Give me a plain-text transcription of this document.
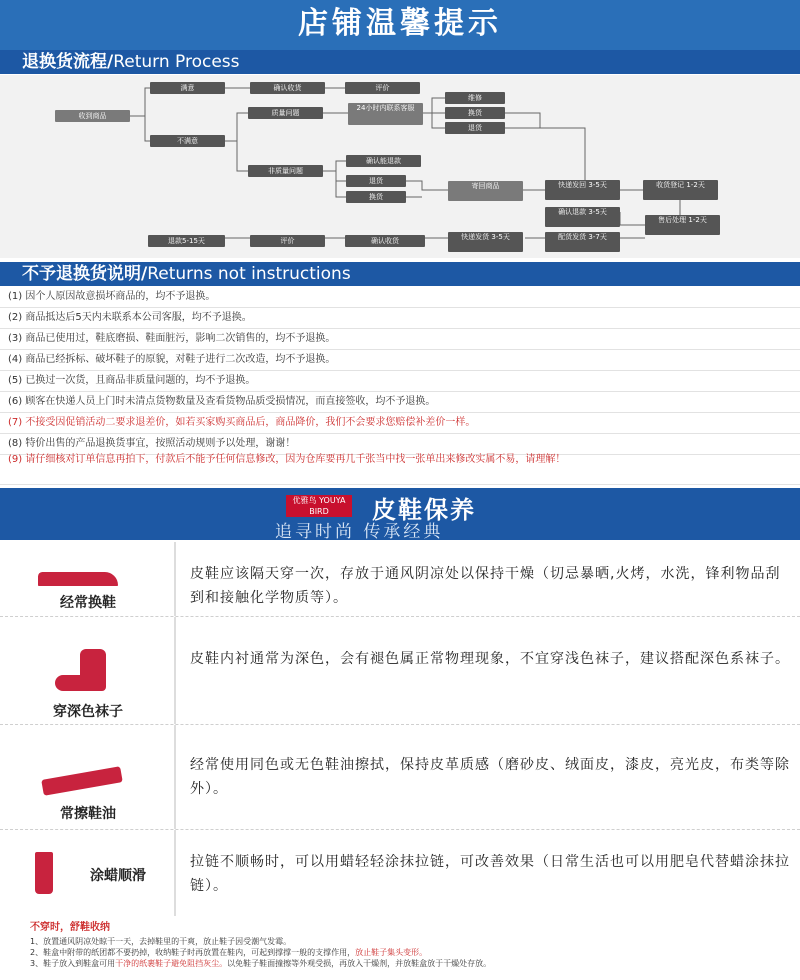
店铺温馨提示
退换货流程/Return Process
收到商品
满意	确认收货	评价
不满意
质量问题
24小时内联系客服
维修
换货
退货
非质量问题
确认能退款
退货
换货
寄回商品	快递发回 3-5天	收货登记 1-2天
确认退款 3-5天
售后处理 1-2天
配货发货 3-7天
快递发货 3-5天
确认收货
评价
退款5-15天
不予退换货说明/Returns not instructions
(1) 因个人原因故意损坏商品的，均不予退换。
(2) 商品抵达后5天内未联系本公司客服，均不予退换。
(3) 商品已使用过，鞋底磨损、鞋面脏污，影响二次销售的，均不予退换。
(4) 商品已经拆标、破坏鞋子的原貌，对鞋子进行二次改造，均不予退换。
(5) 已换过一次货，且商品非质量问题的，均不予退换。
(6) 顾客在快递人员上门时未清点货物数量及查看货物品质受损情况，而直接签收，均不予退换。
(7) 不接受因促销活动二要求退差价，如若买家购买商品后，商品降价，我们不会要求您赔偿补差价一样。
(8) 特价出售的产品退换货事宜，按照活动规则予以处理，谢谢！
(9) 请仔细核对订单信息再拍下，付款后不能予任何信息修改，因为仓库要再几千张当中找一张单出来修改实属不易，请理解！
优雅鸟 YOUYA BIRD	皮鞋保养
追寻时尚 传承经典
经常换鞋
皮鞋应该隔天穿一次，存放于通风阴凉处以保持干燥（切忌暴晒,火烤，水洗，锋利物品刮到和接触化学物质等）。
穿深色袜子
皮鞋内衬通常为深色，会有褪色属正常物理现象，不宜穿浅色袜子，建议搭配深色系袜子。
常擦鞋油
经常使用同色或无色鞋油擦拭，保持皮革质感（磨砂皮、绒面皮，漆皮，亮光皮，布类等除外）。
涂蜡顺滑
拉链不顺畅时，可以用蜡轻轻涂抹拉链，可改善效果（日常生活也可以用肥皂代替蜡涂抹拉链）。
不穿时，舒鞋收纳
1、放置通风阴凉处晾干一天，去掉鞋里的干爽，放止鞋子因受潮气发霉。
2、鞋盒中附带的纸团都不要扔掉，收纳鞋子时再放置在鞋内，可起到撑撑一般的支撑作用，放止鞋子集头变形。
3、鞋子放入到鞋盒可用干净的纸裹鞋子避免阻挡灰尘。以免鞋子鞋面撞擦等外观受损，再放入干燥剂，并放鞋盒放于干燥处存放。
